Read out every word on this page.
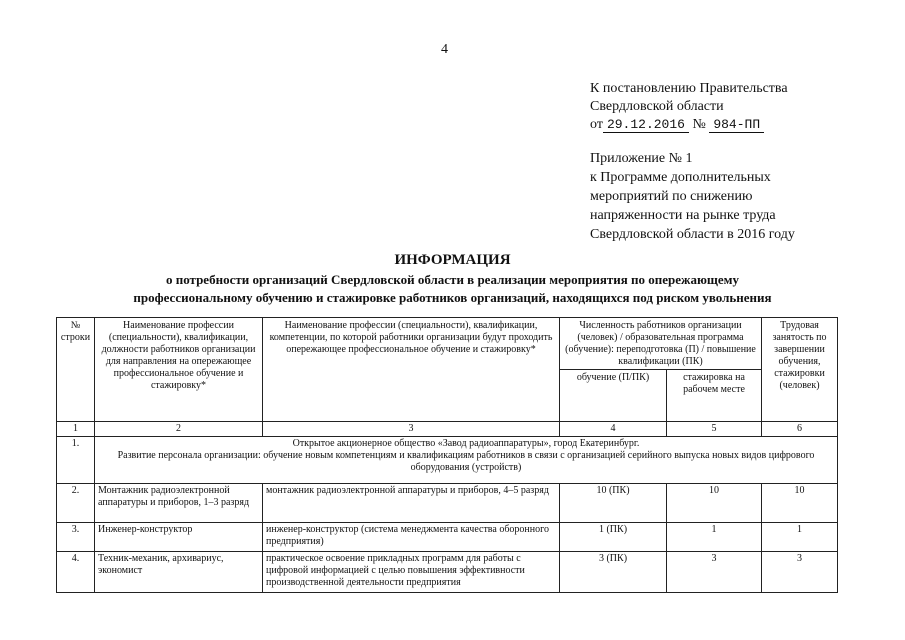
4
К постановлению Правительства
Свердловской области
от 29.12.2016 № 984-ПП
Приложение № 1
к Программе дополнительных
мероприятий по снижению
напряженности на рынке труда
Свердловской области в 2016 году
ИНФОРМАЦИЯ
о потребности организаций Свердловской области в реализации мероприятия по опережающему
профессиональному обучению и стажировке работников организаций, находящихся под риском увольнения
№ строки	Наименование профессии (специальности), квалификации, должности работников организации для направления на опережающее профессиональное обучение и стажировку*	Наименование профессии (специальности), квалификации, компетенции, по которой работники организации будут проходить опережающее профессиональное обучение и стажировку*	Численность работников организации (человек) / образовательная программа (обучение): переподготовка (П) / повышение квалификации (ПК)		Трудовая занятость по завершении обучения, стажировки (человек)
			обучение (П/ПК)	стажировка на рабочем месте	
1	2	3	4	5	6
1.	Открытое акционерное общество «Завод радиоаппаратуры», город Екатеринбург.
Развитие персонала организации: обучение новым компетенциям и квалификациям работников в связи с организацией серийного выпуска новых видов цифрового оборудования (устройств)				

2.	Монтажник радиоэлектронной аппаратуры и приборов, 1–3 разряд	монтажник радиоэлектронной аппаратуры и приборов, 4–5 разряд	10 (ПК)	10	10
3.	Инженер-конструктор	инженер-конструктор (система менеджмента качества оборонного предприятия)	1 (ПК)	1	1
4.	Техник-механик, архивариус, экономист	практическое освоение прикладных программ для работы с цифровой информацией с целью повышения эффективности производственной деятельности предприятия	3 (ПК)	3	3
